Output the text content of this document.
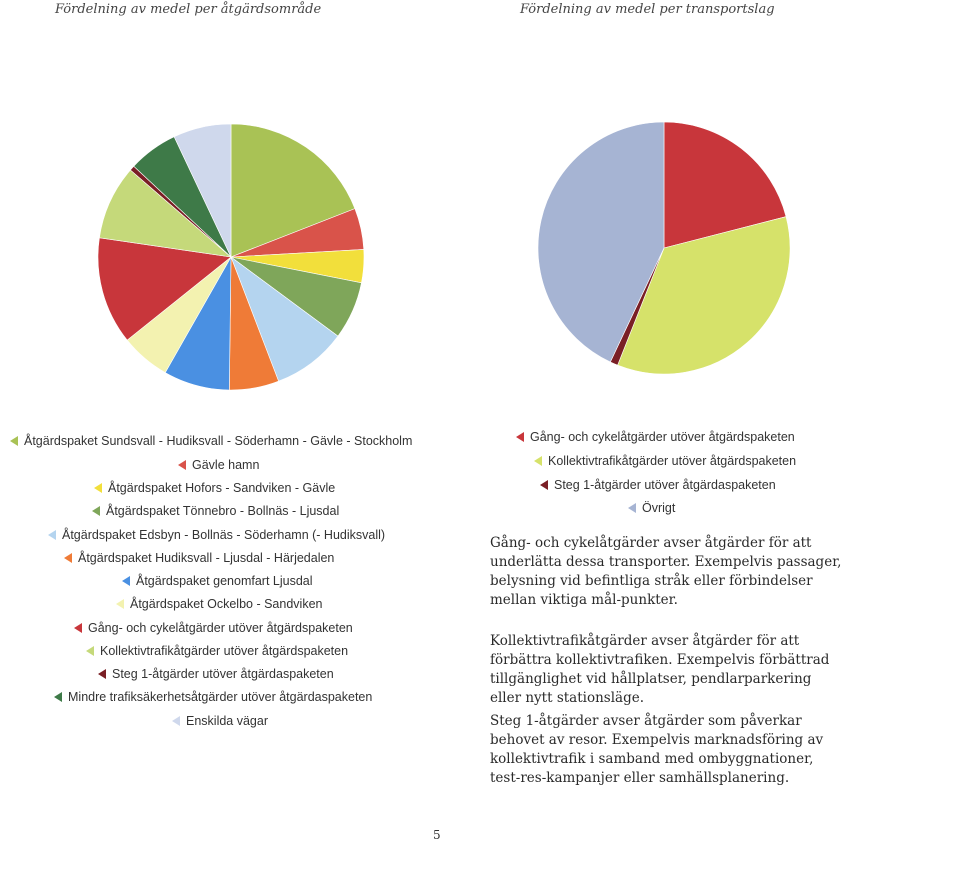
Fördelning av medel per åtgärdsområde	Fördelning av medel per transportslag
Åtgärdspaket Sundsvall - Hudiksvall - Söderhamn - Gävle - Stockholm
Gävle hamn
Åtgärdspaket Hofors - Sandviken - Gävle
Åtgärdspaket Tönnebro - Bollnäs - Ljusdal
Åtgärdspaket Edsbyn - Bollnäs - Söderhamn (- Hudiksvall)
Åtgärdspaket Hudiksvall - Ljusdal - Härjedalen
Åtgärdspaket genomfart Ljusdal
Åtgärdspaket Ockelbo - Sandviken
Gång- och cykelåtgärder utöver åtgärdspaketen
Kollektivtrafikåtgärder utöver åtgärdspaketen
Steg 1-åtgärder utöver åtgärdaspaketen
Mindre trafiksäkerhetsåtgärder utöver åtgärdaspaketen
Enskilda vägar
Gång- och cykelåtgärder utöver åtgärdspaketen
Kollektivtrafikåtgärder utöver åtgärdspaketen
Steg 1-åtgärder utöver åtgärdaspaketen
Övrigt

Gång- och cykelåtgärder avser åtgärder för att underlätta dessa transporter. Exempelvis passager, belysning vid befintliga stråk eller förbindelser mellan viktiga mål-punkter.

Kollektivtrafikåtgärder avser åtgärder för att förbättra kollektivtrafiken. Exempelvis förbättrad tillgänglighet vid hållplatser, pendlarparkering eller nytt stationsläge.

Steg 1-åtgärder avser åtgärder som påverkar behovet av resor. Exempelvis marknadsföring av kollektivtrafik i samband med ombyggnationer, test-res-kampanjer eller samhällsplanering.

5
